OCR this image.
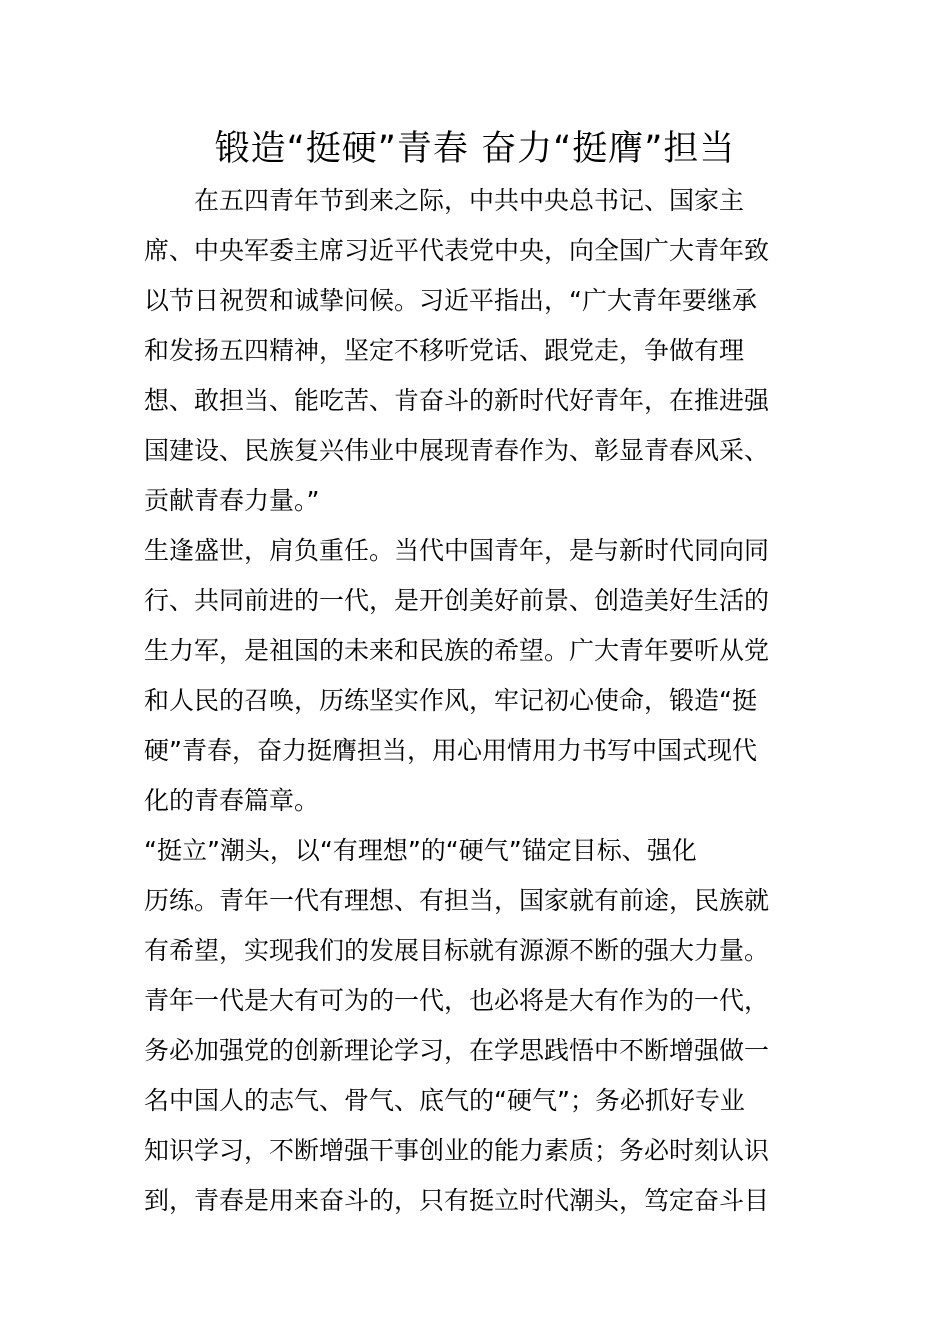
锻造“挺硬”青春 奋力“挺膺”担当
　　在五四青年节到来之际，中共中央总书记、国家主
席、中央军委主席习近平代表党中央，向全国广大青年致
以节日祝贺和诚挚问候。习近平指出，“广大青年要继承
和发扬五四精神，坚定不移听党话、跟党走，争做有理
想、敢担当、能吃苦、肯奋斗的新时代好青年，在推进强
国建设、民族复兴伟业中展现青春作为、彰显青春风采、
贡献青春力量。”
生逢盛世，肩负重任。当代中国青年，是与新时代同向同
行、共同前进的一代，是开创美好前景、创造美好生活的
生力军，是祖国的未来和民族的希望。广大青年要听从党
和人民的召唤，历练坚实作风，牢记初心使命，锻造“挺
硬”青春，奋力挺膺担当，用心用情用力书写中国式现代
化的青春篇章。
“挺立”潮头，以“有理想”的“硬气”锚定目标、强化
历练。青年一代有理想、有担当，国家就有前途，民族就
有希望，实现我们的发展目标就有源源不断的强大力量。
青年一代是大有可为的一代，也必将是大有作为的一代，
务必加强党的创新理论学习，在学思践悟中不断增强做一
名中国人的志气、骨气、底气的“硬气”；务必抓好专业
知识学习，不断增强干事创业的能力素质；务必时刻认识
到，青春是用来奋斗的，只有挺立时代潮头，笃定奋斗目
